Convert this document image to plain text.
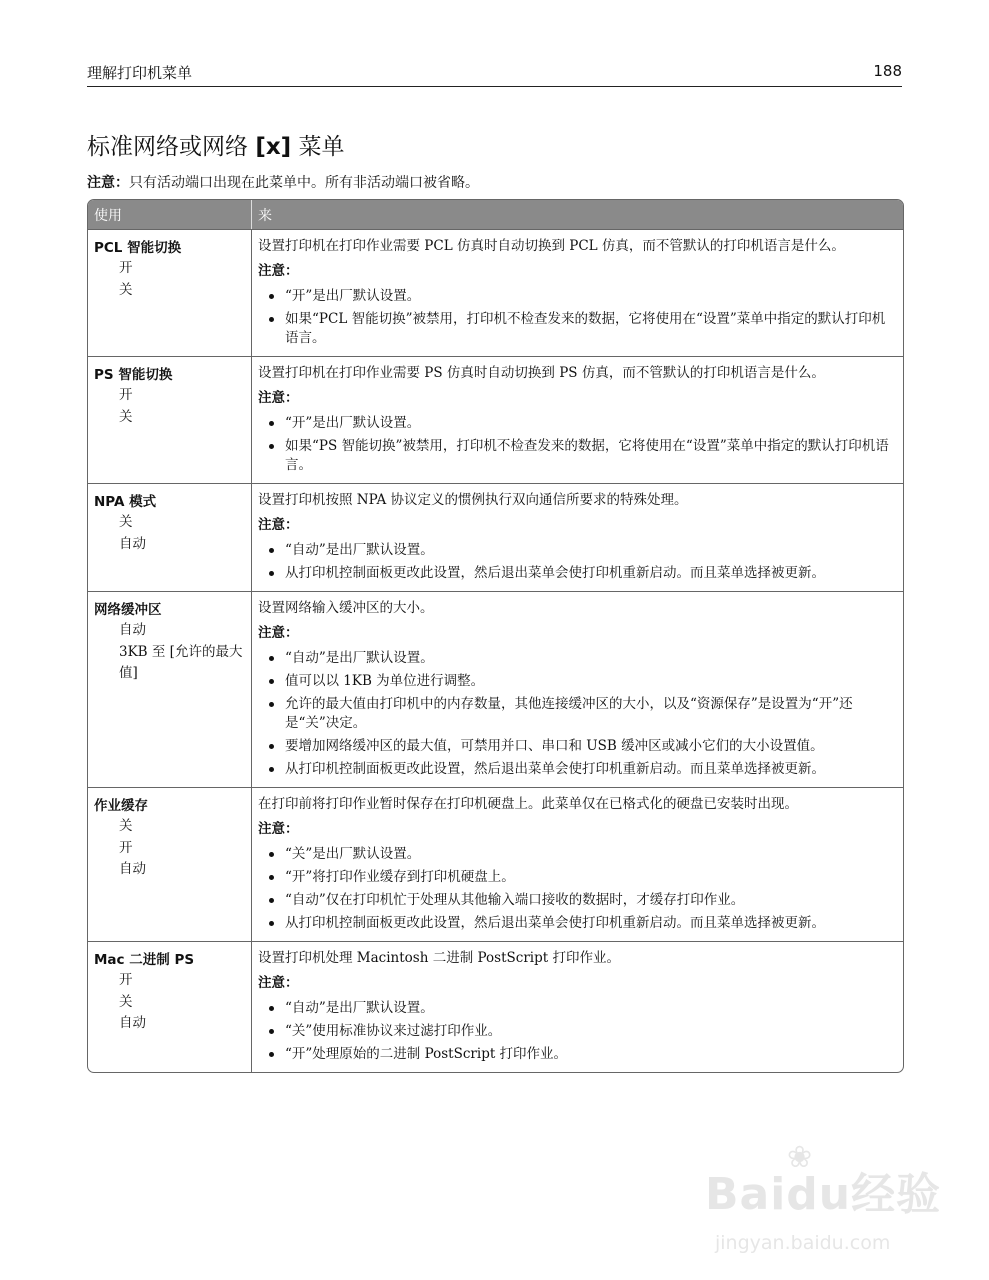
理解打印机菜单	188
标准网络或网络 [x] 菜单
注意：只有活动端口出现在此菜单中。所有非活动端口被省略。
使用	来
PCL 智能切换
开
关

设置打印机在打印作业需要 PCL 仿真时自动切换到 PCL 仿真，而不管默认的打印机语言是什么。

注意：

“开”是出厂默认设置。
如果“PCL 智能切换”被禁用，打印机不检查发来的数据，它将使用在“设置”菜单中指定的默认打印机语言。
PS 智能切换
开
关

设置打印机在打印作业需要 PS 仿真时自动切换到 PS 仿真，而不管默认的打印机语言是什么。

注意：

“开”是出厂默认设置。
如果“PS 智能切换”被禁用，打印机不检查发来的数据，它将使用在“设置”菜单中指定的默认打印机语言。
NPA 模式
关
自动

设置打印机按照 NPA 协议定义的惯例执行双向通信所要求的特殊处理。

注意：

“自动”是出厂默认设置。
从打印机控制面板更改此设置，然后退出菜单会使打印机重新启动。而且菜单选择被更新。
网络缓冲区
自动
3KB 至 [允许的最大值]

设置网络输入缓冲区的大小。

注意：

“自动”是出厂默认设置。
值可以以 1KB 为单位进行调整。
允许的最大值由打印机中的内存数量，其他连接缓冲区的大小，以及“资源保存”是设置为“开”还是“关”决定。
要增加网络缓冲区的最大值，可禁用并口、串口和 USB 缓冲区或减小它们的大小设置值。
从打印机控制面板更改此设置，然后退出菜单会使打印机重新启动。而且菜单选择被更新。
作业缓存
关
开
自动

在打印前将打印作业暂时保存在打印机硬盘上。此菜单仅在已格式化的硬盘已安装时出现。

注意：

“关”是出厂默认设置。
“开”将打印作业缓存到打印机硬盘上。
“自动”仅在打印机忙于处理从其他输入端口接收的数据时，才缓存打印作业。
从打印机控制面板更改此设置，然后退出菜单会使打印机重新启动。而且菜单选择被更新。
Mac 二进制 PS
开
关
自动

设置打印机处理 Macintosh 二进制 PostScript 打印作业。

注意：

“自动”是出厂默认设置。
“关”使用标准协议来过滤打印作业。
“开”处理原始的二进制 PostScript 打印作业。
❀
Baidu经验
jingyan.baidu.com
